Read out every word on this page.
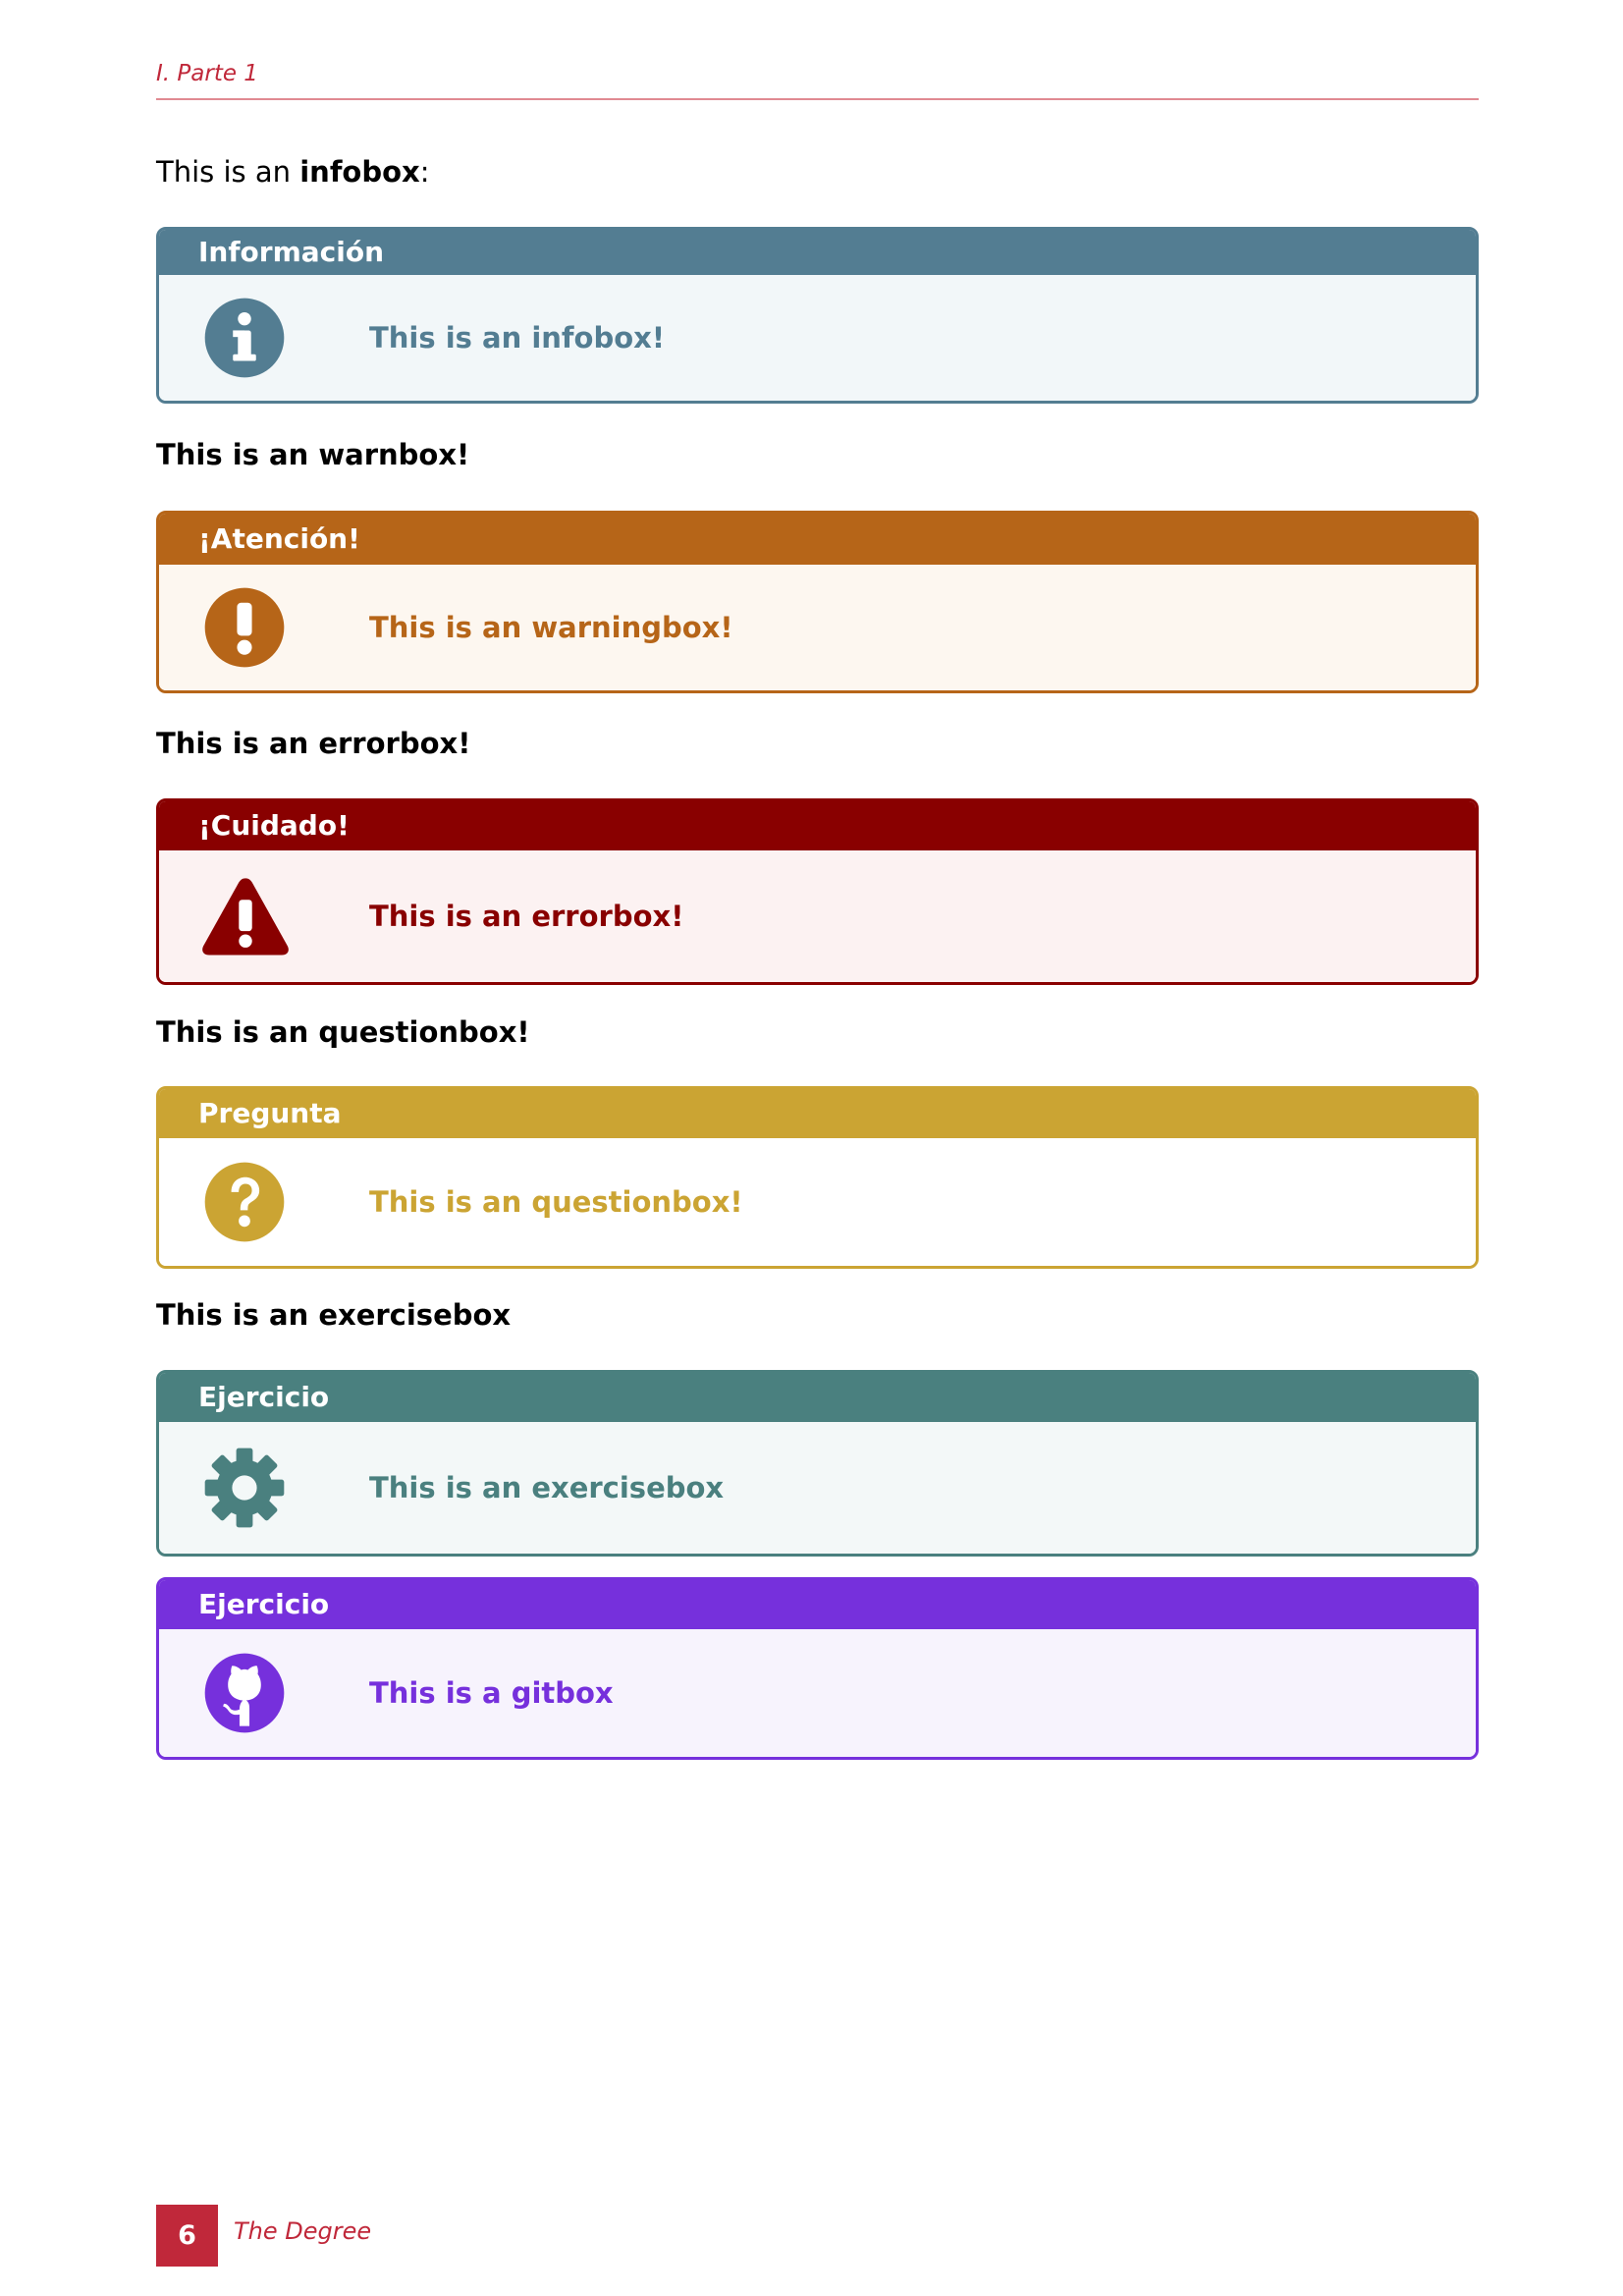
I. Parte 1
This is an infobox:
Información
This is an infobox!
This is an warnbox!
¡Atención!
This is an warningbox!
This is an errorbox!
¡Cuidado!
This is an errorbox!
This is an questionbox!
Pregunta
This is an questionbox!
This is an exercisebox
Ejercicio
This is an exercisebox
Ejercicio
This is a gitbox
6	The Degree
